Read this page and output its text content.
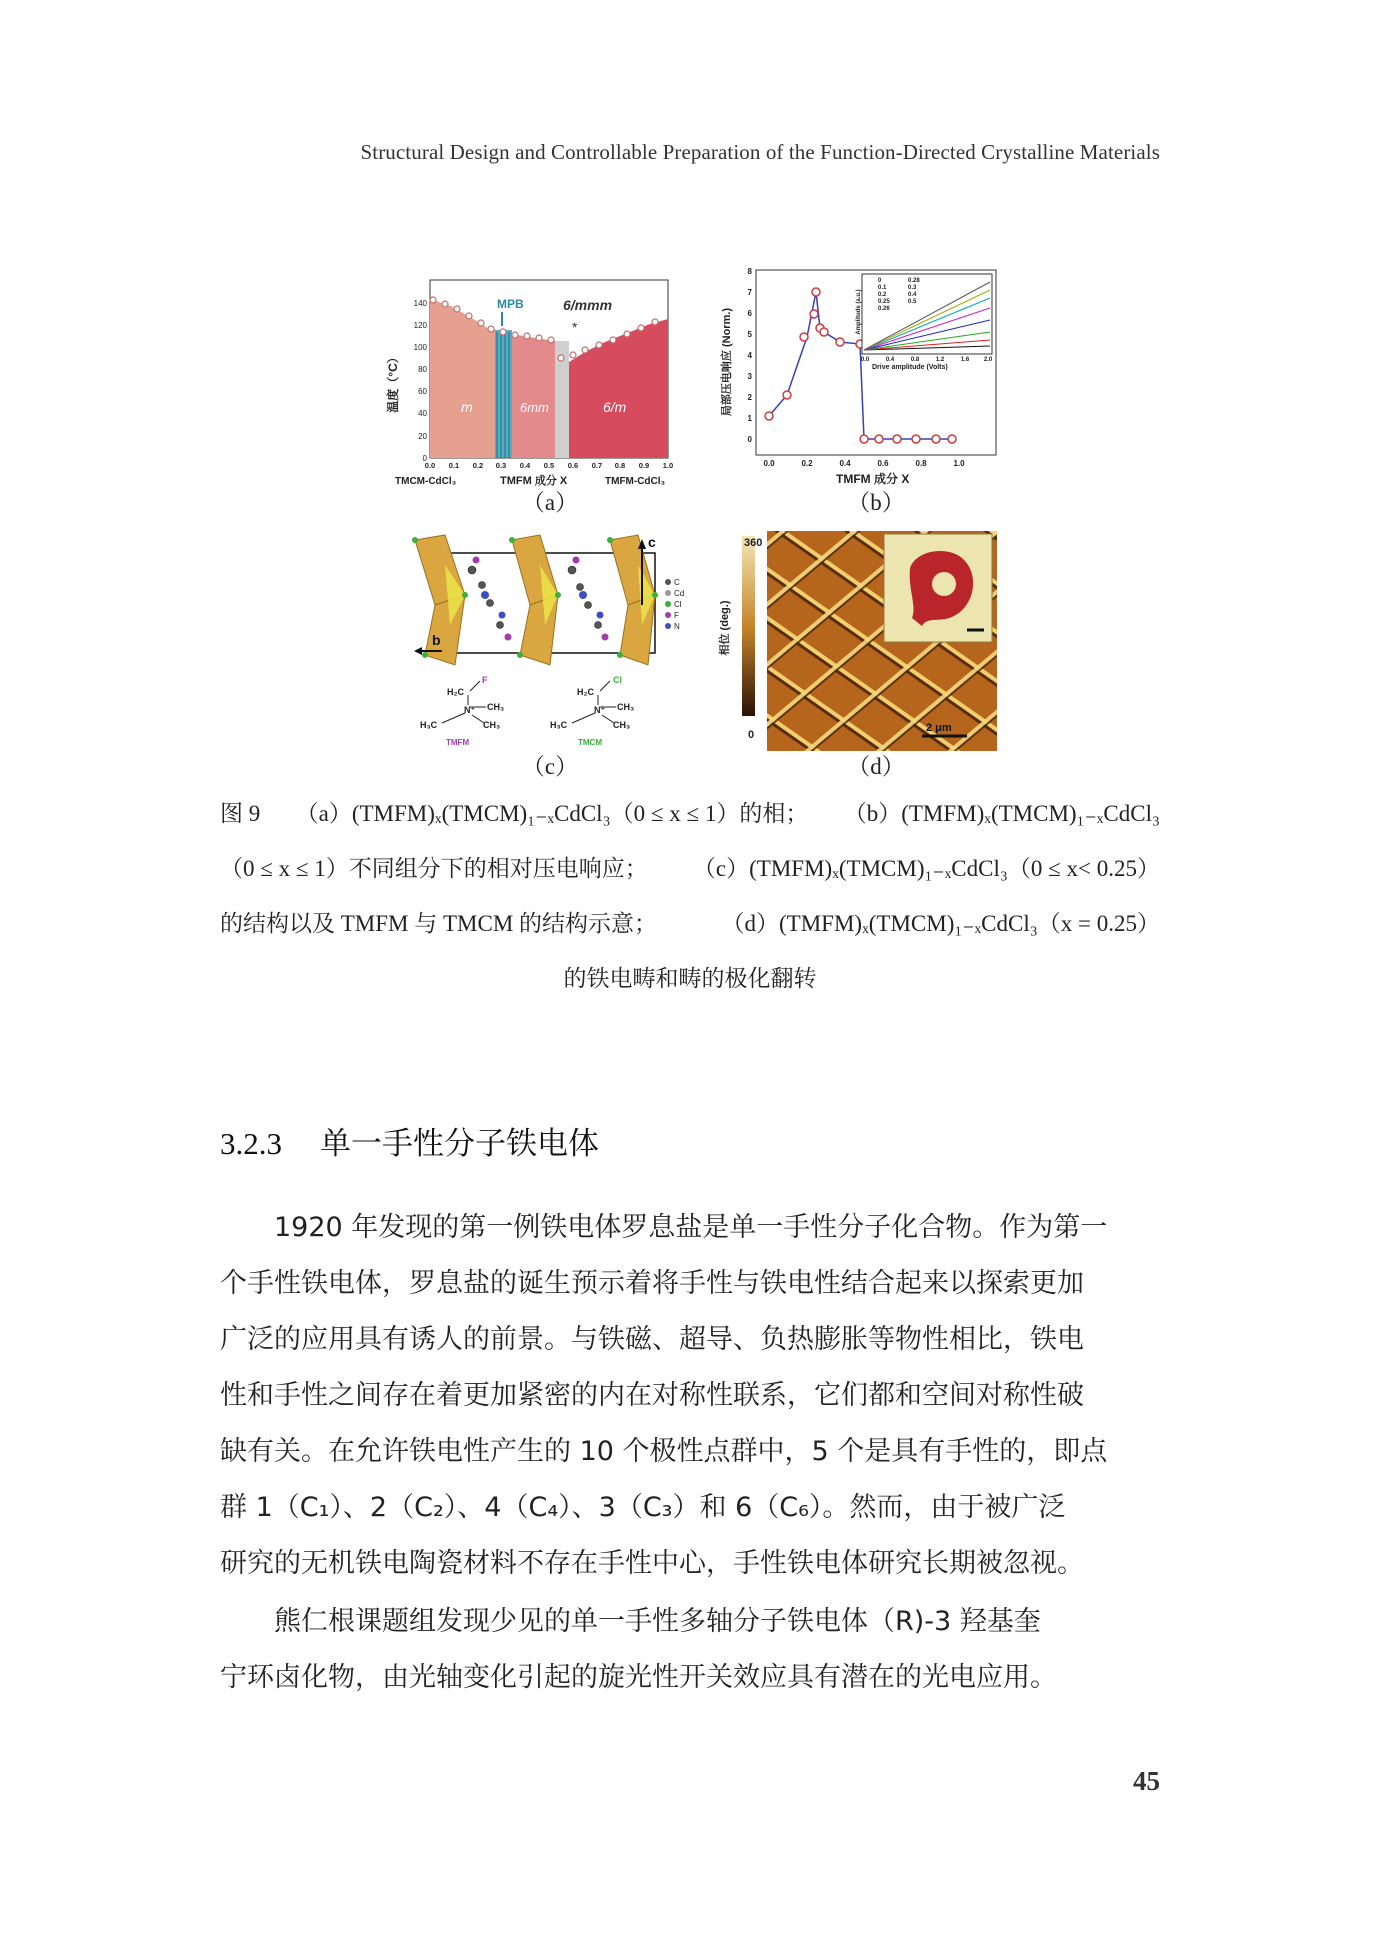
Structural Design and Controllable Preparation of the Function-Directed Crystalline Materials
MPB	6/mmm
*
m	6mm	6/m
0
20
40
60
80
100
120
140
0.0 0.1 0.2 0.3 0.4 0.5 0.6 0.7 0.8 0.9 1.0
温度（°C）
TMCM-CdCl₃	TMFM 成分 X	TMFM-CdCl₃
（a）
0
0.1
0.2
0.25
0.26
0.28
0.3
0.4
0.5
Amplitude (a.u.)
Drive amplitude (Volts)
0.0	0.4	0.8	1.2	1.6 2.0
0
1
2
3
4
5
6
7
8
0.0	0.2	0.4	0.6	0.8	1.0
局部压电响应 (Norm.)
TMFM 成分 X
（b）
c
b
C
Cd
Cl
F
N
H₂C
F
N⁺ CH₃
H₃C	CH₃
TMFM
H₂C
Cl
N⁺ CH₃
H₃C	CH₃
TMCM
（c）
360
0
相位 (deg.)
2 μm
（d）
图 9 （a）(TMFM)ₓ(TMCM)₁₋ₓCdCl₃（0 ≤ x ≤ 1）的相； （b）(TMFM)ₓ(TMCM)₁₋ₓCdCl₃
（0 ≤ x ≤ 1）不同组分下的相对压电响应； （c）(TMFM)ₓ(TMCM)₁₋ₓCdCl₃（0 ≤ x< 0.25）
的结构以及 TMFM 与 TMCM 的结构示意；	（d）(TMFM)ₓ(TMCM)₁₋ₓCdCl₃（x = 0.25）
的铁电畴和畴的极化翻转
3.2.3 单一手性分子铁电体
　　1920 年发现的第一例铁电体罗息盐是单一手性分子化合物。作为第一
个手性铁电体，罗息盐的诞生预示着将手性与铁电性结合起来以探索更加
广泛的应用具有诱人的前景。与铁磁、超导、负热膨胀等物性相比，铁电
性和手性之间存在着更加紧密的内在对称性联系，它们都和空间对称性破
缺有关。在允许铁电性产生的 10 个极性点群中，5 个是具有手性的，即点
群 1（C₁）、2（C₂）、4（C₄）、3（C₃）和 6（C₆）。然而，由于被广泛
研究的无机铁电陶瓷材料不存在手性中心，手性铁电体研究长期被忽视。
　　熊仁根课题组发现少见的单一手性多轴分子铁电体（R)-3 羟基奎
宁环卤化物，由光轴变化引起的旋光性开关效应具有潜在的光电应用。
45
